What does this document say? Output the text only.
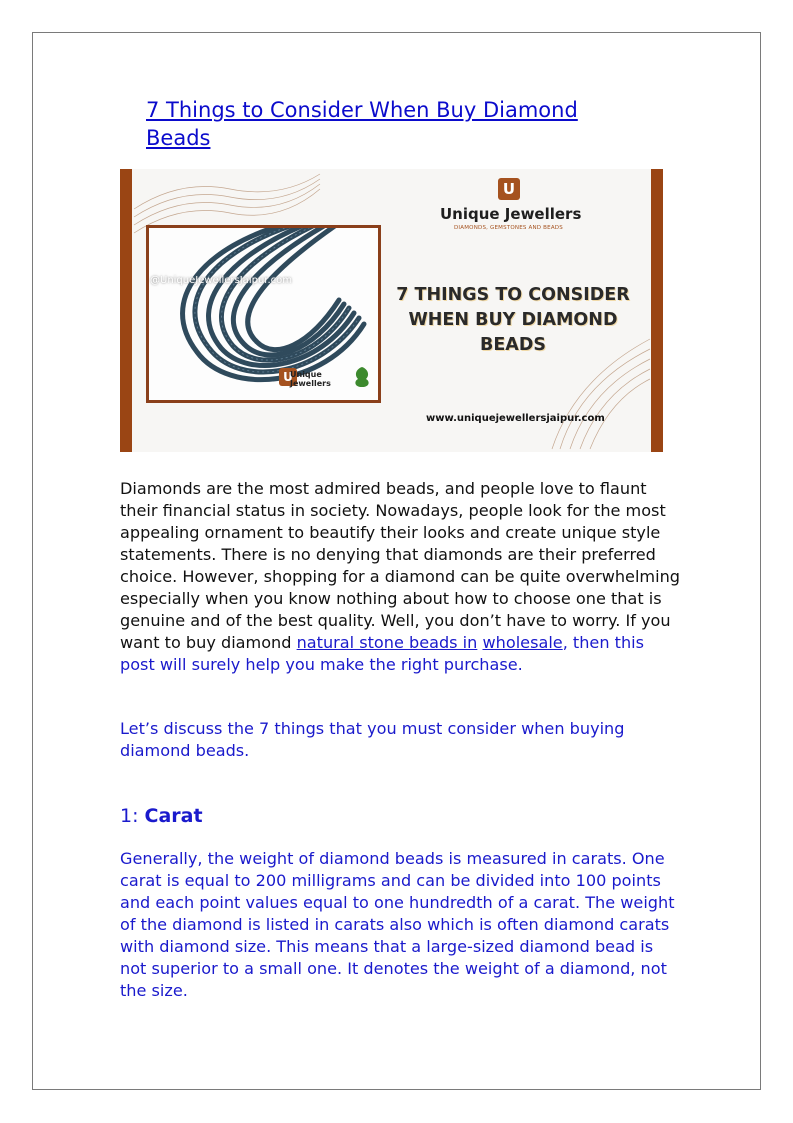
7 Things to Consider When Buy Diamond Beads
U
@UniqueJewellersJaipur.com
Unique
Jewellers
U
Unique Jewellers
DIAMONDS, GEMSTONES AND BEADS
7 THINGS TO CONSIDER
WHEN BUY DIAMOND
BEADS
www.uniquejewellersjaipur.com

Diamonds are the most admired beads, and people love to flaunt their financial status in society. Nowadays, people look for the most appealing ornament to beautify their looks and create unique style statements. There is no denying that diamonds are their preferred choice. However, shopping for a diamond can be quite overwhelming especially when you know nothing about how to choose one that is genuine and of the best quality. Well, you don’t have to worry. If you want to buy diamond natural stone beads in wholesale, then this post will surely help you make the right purchase.

Let’s discuss the 7 things that you must consider when buying diamond beads.

1: Carat

Generally, the weight of diamond beads is measured in carats. One carat is equal to 200 milligrams and can be divided into 100 points and each point values equal to one hundredth of a carat. The weight of the diamond is listed in carats also which is often diamond carats with diamond size. This means that a large-sized diamond bead is not superior to a small one. It denotes the weight of a diamond, not the size.
